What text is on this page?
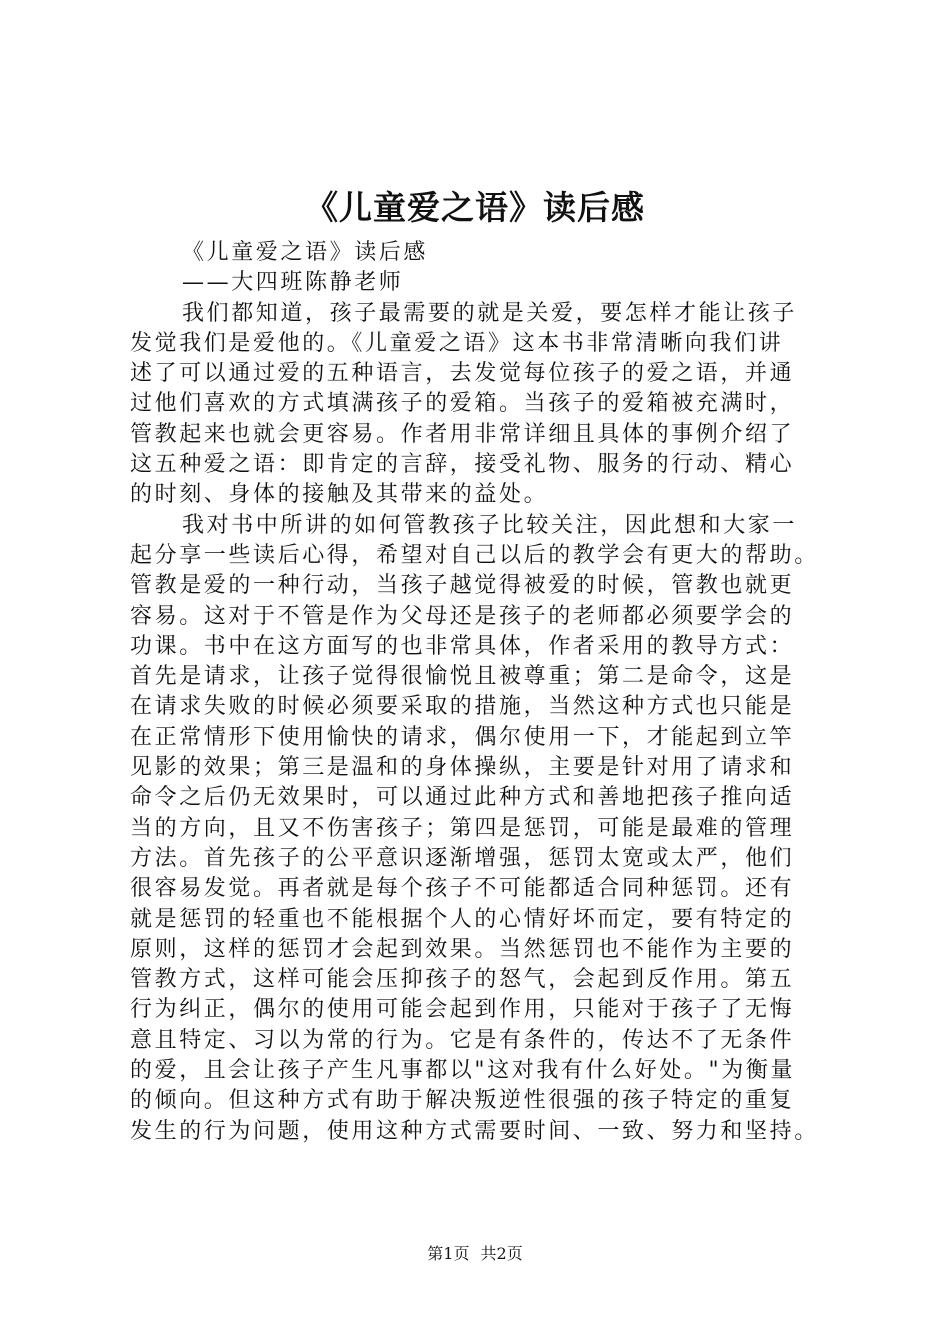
《儿童爱之语》读后感

《儿童爱之语》读后感

——大四班陈静老师

我们都知道，孩子最需要的就是关爱，要怎样才能让孩子

发觉我们是爱他的。《儿童爱之语》这本书非常清晰向我们讲

述了可以通过爱的五种语言，去发觉每位孩子的爱之语，并通

过他们喜欢的方式填满孩子的爱箱。当孩子的爱箱被充满时，

管教起来也就会更容易。作者用非常详细且具体的事例介绍了

这五种爱之语：即肯定的言辞，接受礼物、服务的行动、精心

的时刻、身体的接触及其带来的益处。

我对书中所讲的如何管教孩子比较关注，因此想和大家一

起分享一些读后心得，希望对自己以后的教学会有更大的帮助。

管教是爱的一种行动，当孩子越觉得被爱的时候，管教也就更

容易。这对于不管是作为父母还是孩子的老师都必须要学会的

功课。书中在这方面写的也非常具体，作者采用的教导方式：

首先是请求，让孩子觉得很愉悦且被尊重；第二是命令，这是

在请求失败的时候必须要采取的措施，当然这种方式也只能是

在正常情形下使用愉快的请求，偶尔使用一下，才能起到立竿

见影的效果；第三是温和的身体操纵，主要是针对用了请求和

命令之后仍无效果时，可以通过此种方式和善地把孩子推向适

当的方向，且又不伤害孩子；第四是惩罚，可能是最难的管理

方法。首先孩子的公平意识逐渐增强，惩罚太宽或太严，他们

很容易发觉。再者就是每个孩子不可能都适合同种惩罚。还有

就是惩罚的轻重也不能根据个人的心情好坏而定，要有特定的

原则，这样的惩罚才会起到效果。当然惩罚也不能作为主要的

管教方式，这样可能会压抑孩子的怒气，会起到反作用。第五

行为纠正，偶尔的使用可能会起到作用，只能对于孩子了无悔

意且特定、习以为常的行为。它是有条件的，传达不了无条件

的爱，且会让孩子产生凡事都以"这对我有什么好处。"为衡量

的倾向。但这种方式有助于解决叛逆性很强的孩子特定的重复

发生的行为问题，使用这种方式需要时间、一致、努力和坚持。

第1页 共2页
